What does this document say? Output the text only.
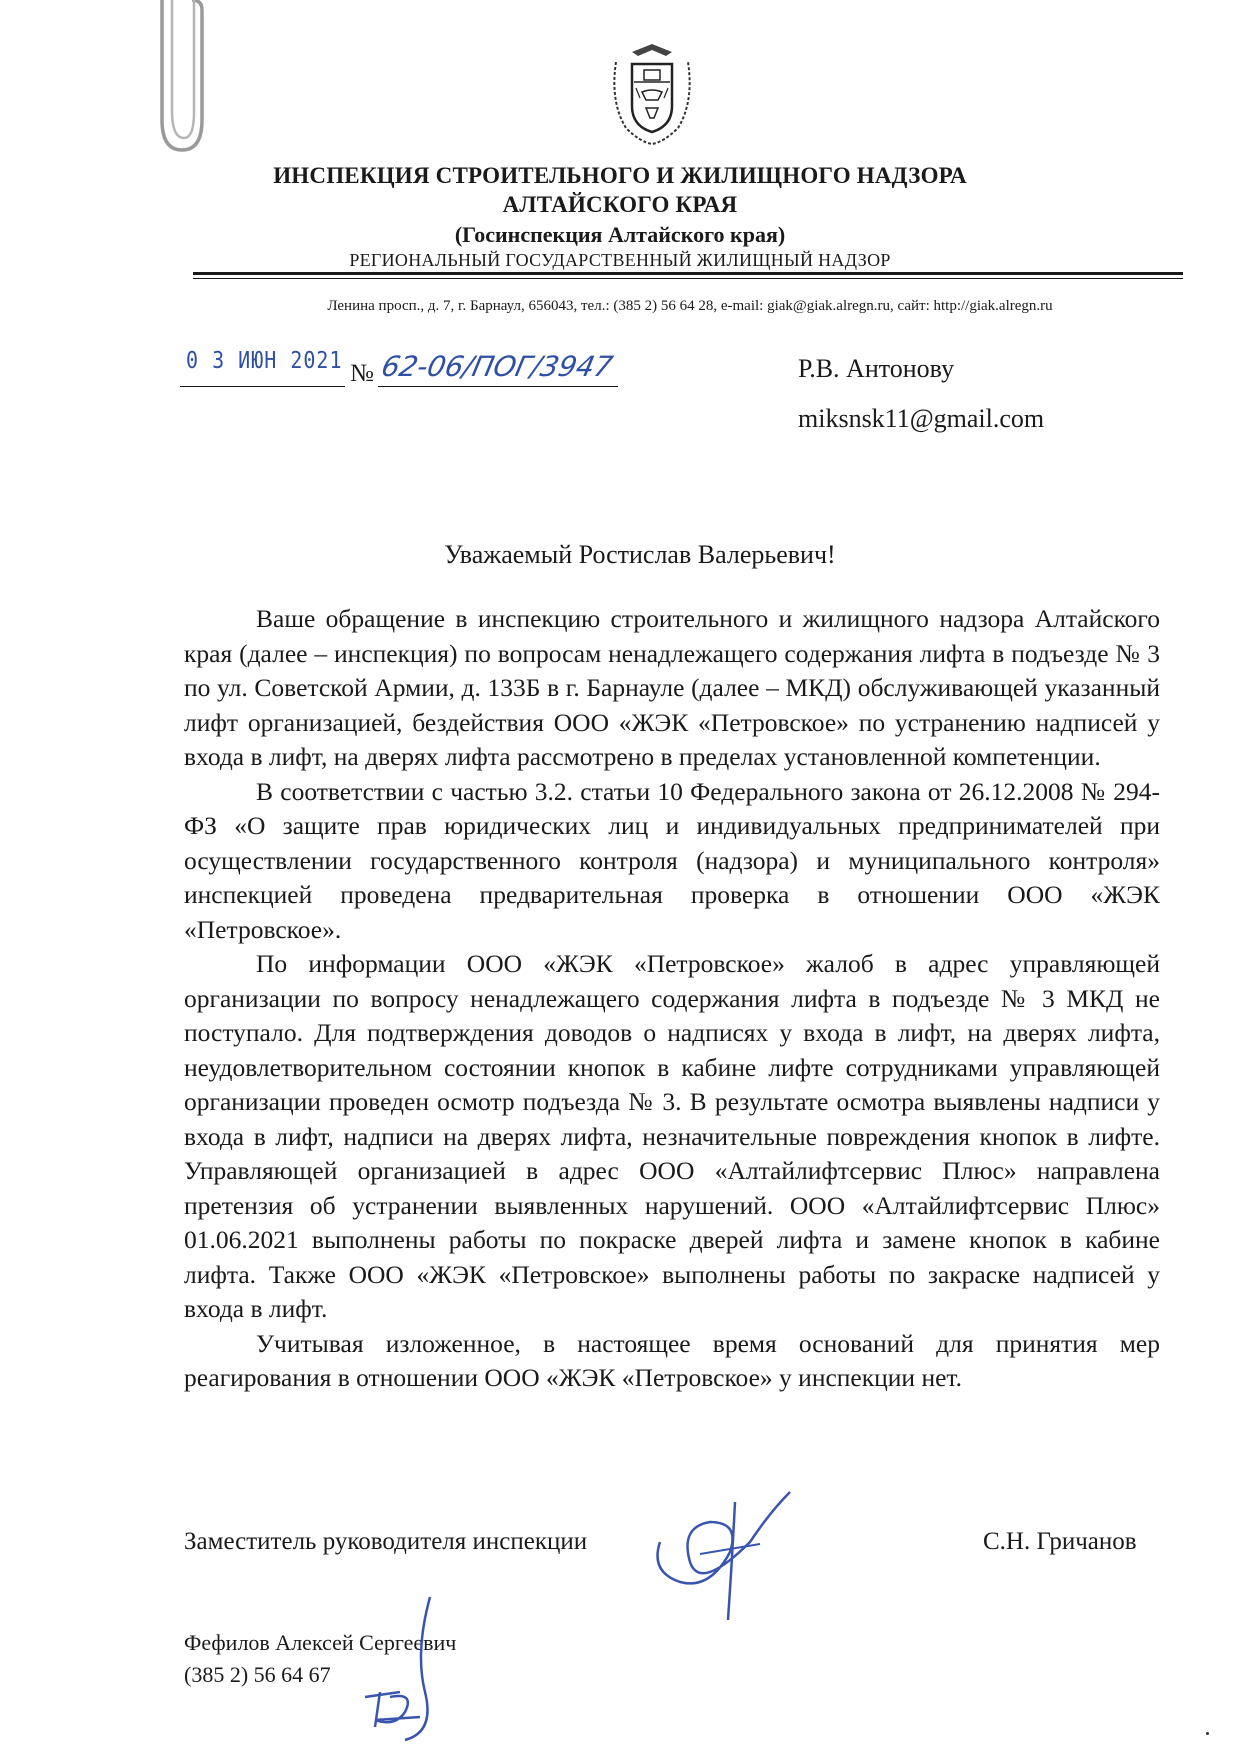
ИНСПЕКЦИЯ СТРОИТЕЛЬНОГО И ЖИЛИЩНОГО НАДЗОРА
АЛТАЙСКОГО КРАЯ
(Госинспекция Алтайского края)
РЕГИОНАЛЬНЫЙ ГОСУДАРСТВЕННЫЙ ЖИЛИЩНЫЙ НАДЗОР
Ленина просп., д. 7, г. Барнаул, 656043, тел.: (385 2) 56 64 28, e-mail: giak@giak.alregn.ru, сайт: http://giak.alregn.ru
0 3 ИЮН 2021 № 62-06/ПОГ/3947	Р.В. Антонову
miksnsk11@gmail.com
Уважаемый Ростислав Валерьевич!

Ваше обращение в инспекцию строительного и жилищного надзора Алтайского края (далее – инспекция) по вопросам ненадлежащего содержания лифта в подъезде № 3 по ул. Советской Армии, д. 133Б в г. Барнауле (далее – МКД) обслуживающей указанный лифт организацией, бездействия ООО «ЖЭК «Петровское» по устранению надписей у входа в лифт, на дверях лифта рассмотрено в пределах установленной компетенции.

В соответствии с частью 3.2. статьи 10 Федерального закона от 26.12.2008 № 294-ФЗ «О защите прав юридических лиц и индивидуальных предпринимателей при осуществлении государственного контроля (надзора) и муниципального контроля» инспекцией проведена предварительная проверка в отношении ООО «ЖЭК «Петровское».

По информации ООО «ЖЭК «Петровское» жалоб в адрес управляющей организации по вопросу ненадлежащего содержания лифта в подъезде № 3 МКД не поступало. Для подтверждения доводов о надписях у входа в лифт, на дверях лифта, неудовлетворительном состоянии кнопок в кабине лифте сотрудниками управляющей организации проведен осмотр подъезда № 3. В результате осмотра выявлены надписи у входа в лифт, надписи на дверях лифта, незначительные повреждения кнопок в лифте. Управляющей организацией в адрес ООО «Алтайлифтсервис Плюс» направлена претензия об устранении выявленных нарушений. ООО «Алтайлифтсервис Плюс» 01.06.2021 выполнены работы по покраске дверей лифта и замене кнопок в кабине лифта. Также ООО «ЖЭК «Петровское» выполнены работы по закраске надписей у входа в лифт.

Учитывая изложенное, в настоящее время оснований для принятия мер реагирования в отношении ООО «ЖЭК «Петровское» у инспекции нет.

Заместитель руководителя инспекции	С.Н. Гричанов
Фефилов Алексей Сергеевич
(385 2) 56 64 67
